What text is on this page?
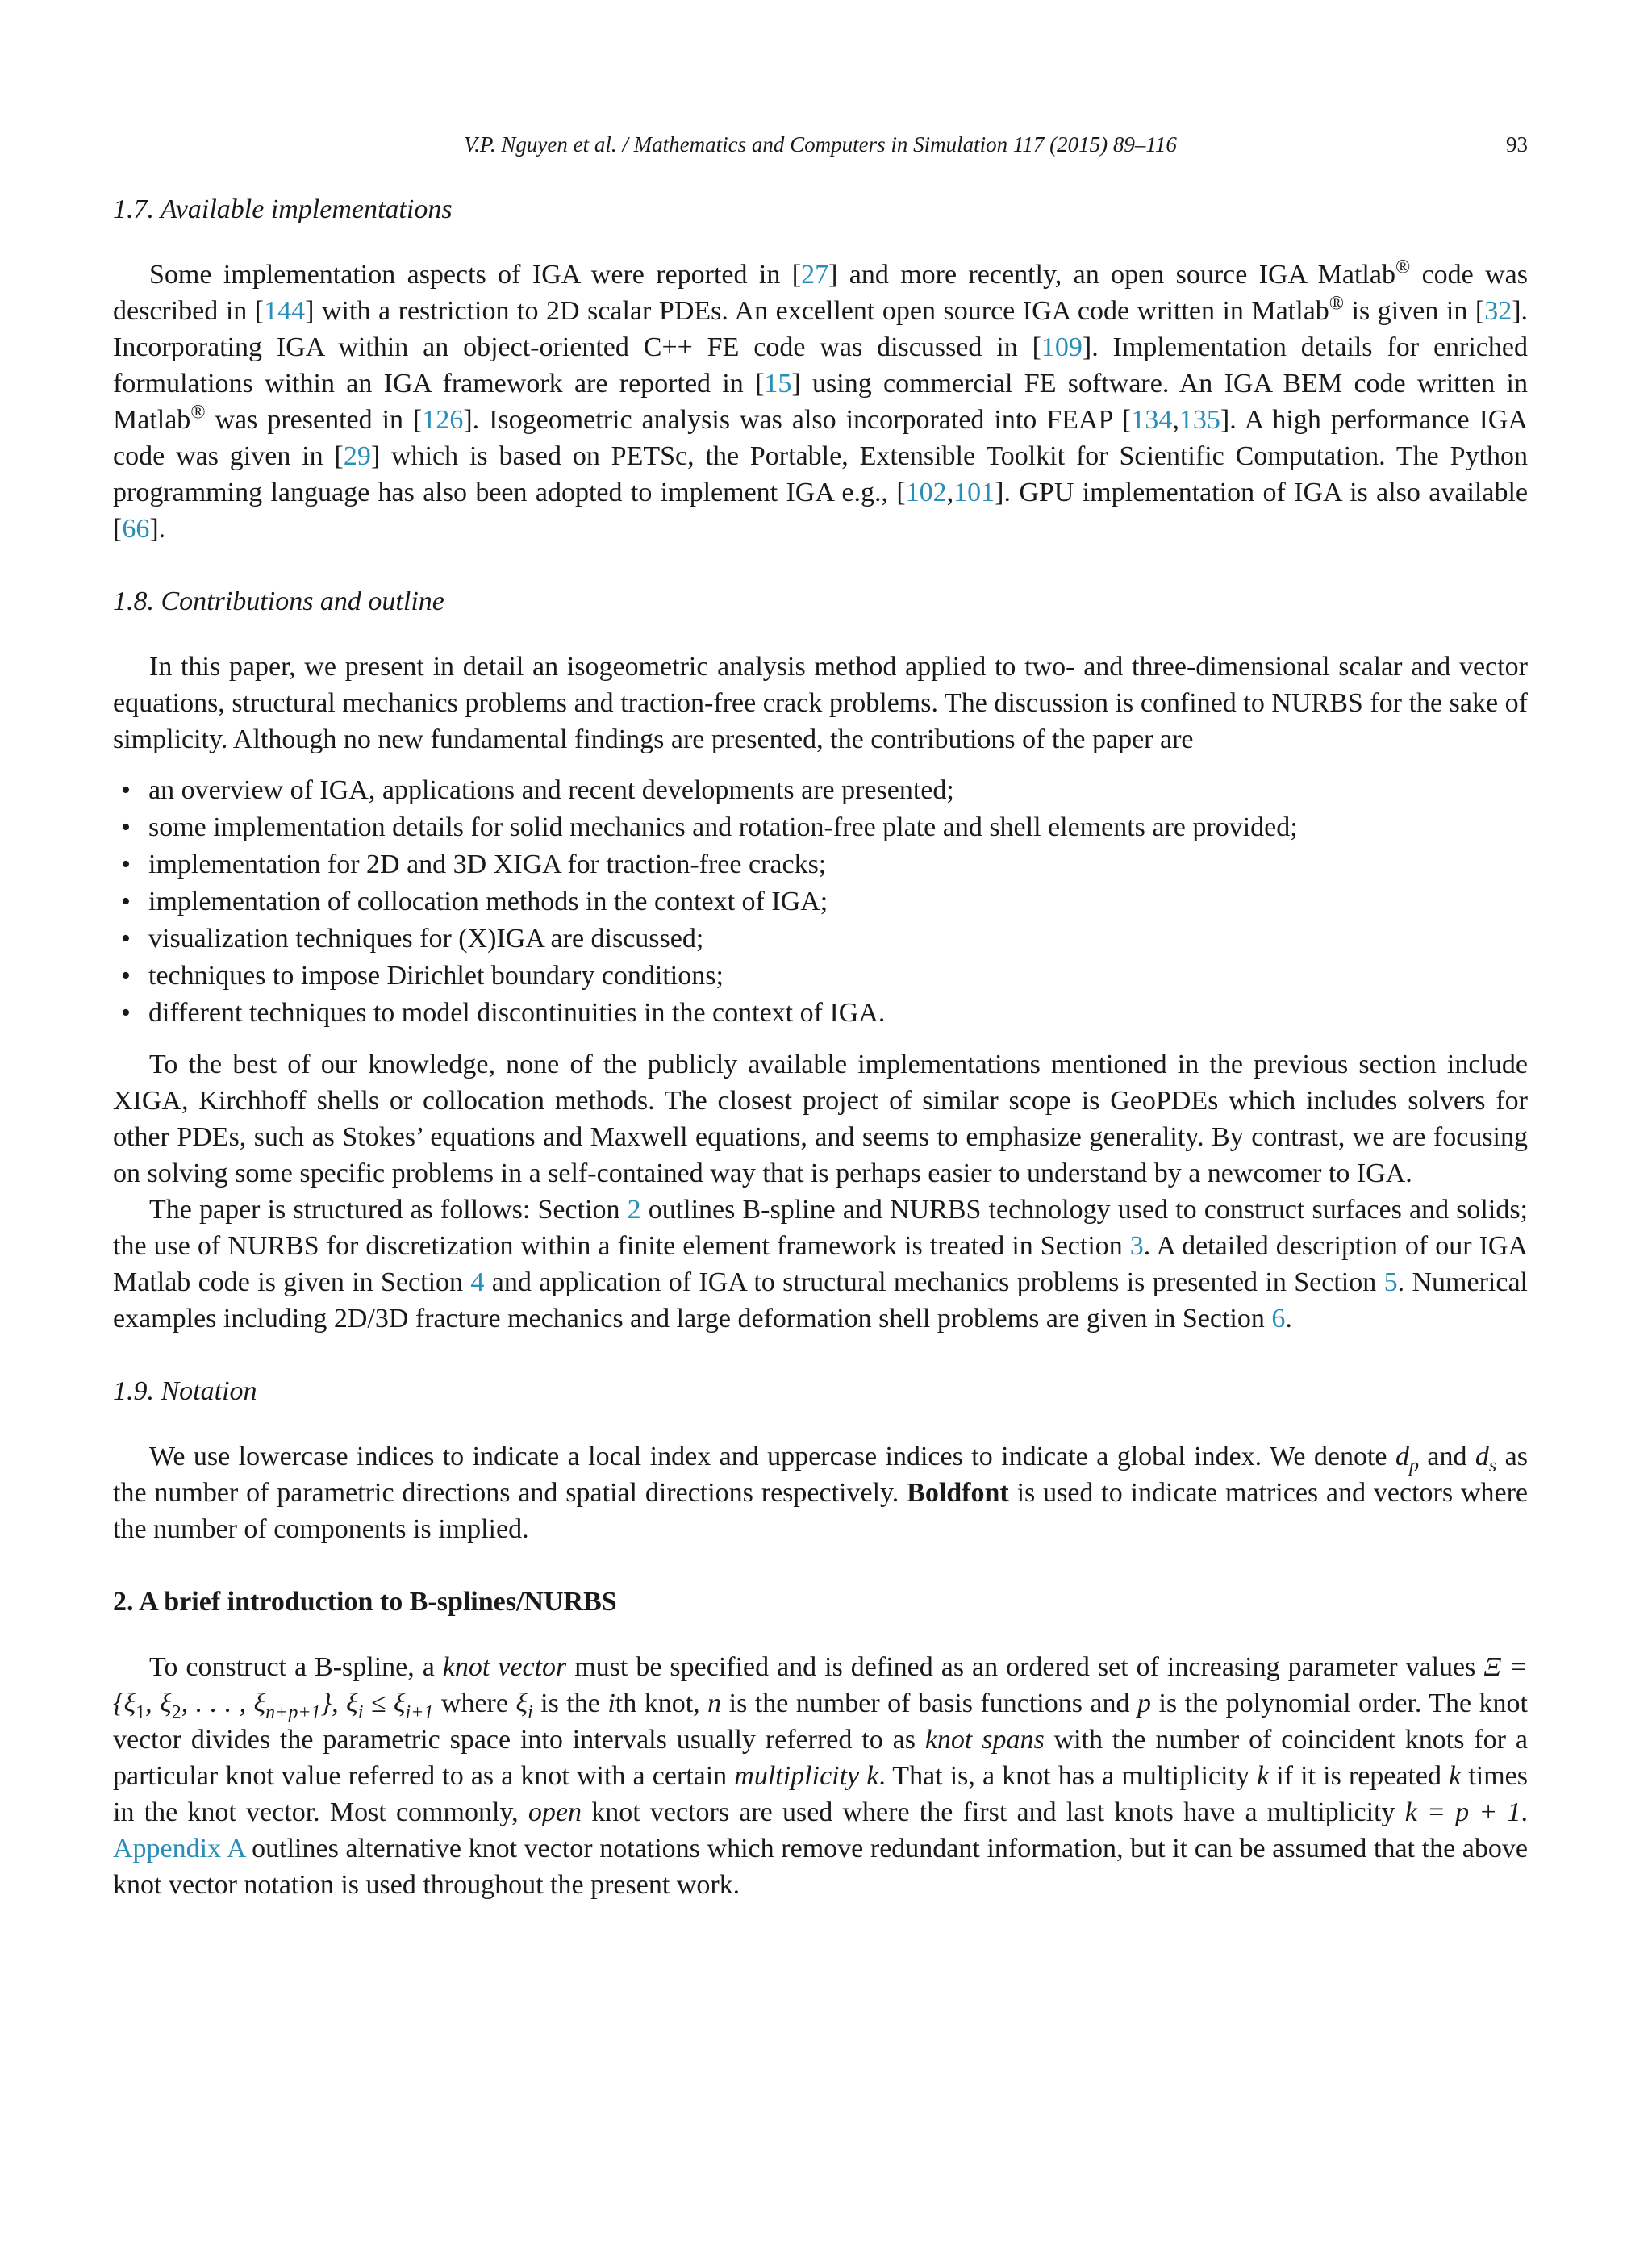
V.P. Nguyen et al. / Mathematics and Computers in Simulation 117 (2015) 89–116	93
1.7. Available implementations

Some implementation aspects of IGA were reported in [27] and more recently, an open source IGA Matlab® code was described in [144] with a restriction to 2D scalar PDEs. An excellent open source IGA code written in Matlab® is given in [32]. Incorporating IGA within an object-oriented C++ FE code was discussed in [109]. Implementation details for enriched formulations within an IGA framework are reported in [15] using commercial FE software. An IGA BEM code written in Matlab® was presented in [126]. Isogeometric analysis was also incorporated into FEAP [134,135]. A high performance IGA code was given in [29] which is based on PETSc, the Portable, Extensible Toolkit for Scientific Computation. The Python programming language has also been adopted to implement IGA e.g., [102,101]. GPU implementation of IGA is also available [66].

1.8. Contributions and outline

In this paper, we present in detail an isogeometric analysis method applied to two- and three-dimensional scalar and vector equations, structural mechanics problems and traction-free crack problems. The discussion is confined to NURBS for the sake of simplicity. Although no new fundamental findings are presented, the contributions of the paper are

• an overview of IGA, applications and recent developments are presented;
• some implementation details for solid mechanics and rotation-free plate and shell elements are provided;
• implementation for 2D and 3D XIGA for traction-free cracks;
• implementation of collocation methods in the context of IGA;
• visualization techniques for (X)IGA are discussed;
• techniques to impose Dirichlet boundary conditions;
• different techniques to model discontinuities in the context of IGA.

To the best of our knowledge, none of the publicly available implementations mentioned in the previous section include XIGA, Kirchhoff shells or collocation methods. The closest project of similar scope is GeoPDEs which includes solvers for other PDEs, such as Stokes’ equations and Maxwell equations, and seems to emphasize generality. By contrast, we are focusing on solving some specific problems in a self-contained way that is perhaps easier to understand by a newcomer to IGA.

The paper is structured as follows: Section 2 outlines B-spline and NURBS technology used to construct surfaces and solids; the use of NURBS for discretization within a finite element framework is treated in Section 3. A detailed description of our IGA Matlab code is given in Section 4 and application of IGA to structural mechanics problems is presented in Section 5. Numerical examples including 2D/3D fracture mechanics and large deformation shell problems are given in Section 6.

1.9. Notation

We use lowercase indices to indicate a local index and uppercase indices to indicate a global index. We denote $d_p$ and $d_s$ as the number of parametric directions and spatial directions respectively. Boldfont is used to indicate matrices and vectors where the number of components is implied.

2. A brief introduction to B-splines/NURBS

To construct a B-spline, a knot vector must be specified and is defined as an ordered set of increasing parameter values $\Xi = \{\xi_1$, $\xi_2$, . . . , $\xi_{n+p+1}$}, $\xi_i \le \xi_{i+1}$ where $\xi_i$ is the ith knot, n is the number of basis functions and p is the polynomial order. The knot vector divides the parametric space into intervals usually referred to as knot spans with the number of coincident knots for a particular knot value referred to as a knot with a certain multiplicity k. That is, a knot has a multiplicity k if it is repeated k times in the knot vector. Most commonly, open knot vectors are used where the first and last knots have a multiplicity k = p + 1. Appendix A outlines alternative knot vector notations which remove redundant information, but it can be assumed that the above knot vector notation is used throughout the present work.
